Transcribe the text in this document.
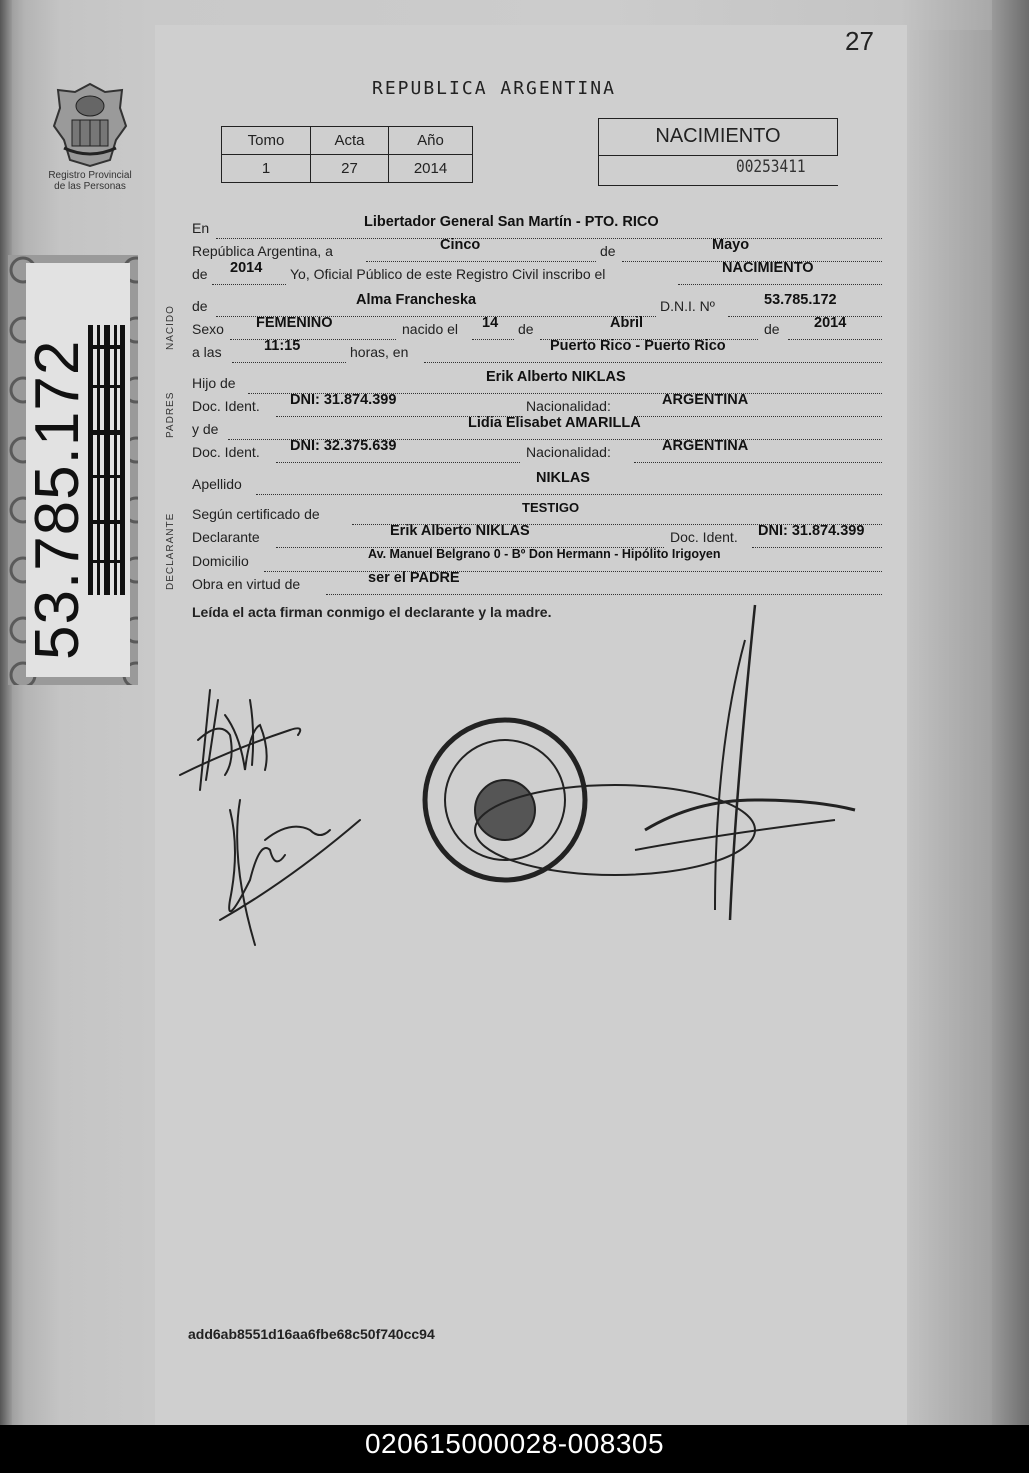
Registro Provincial
de las Personas
53.785.172
27
REPUBLICA ARGENTINA
Tomo	Acta	Año
1	27	2014
NACIMIENTO
00253411
NACIDO
PADRES
DECLARANTE
En	Libertador General San Martín - PTO. RICO
República Argentina, a	Cinco	de	Mayo
de 2014 Yo, Oficial Público de este Registro Civil inscribo el	NACIMIENTO
de	Alma Francheska	D.N.I. Nº	53.785.172
Sexo FEMENINO	nacido el 14 de	Abril	de 2014
a las	11:15	horas, en	Puerto Rico - Puerto Rico
Hijo de	Erik Alberto NIKLAS
Doc. Ident. DNI: 31.874.399	Nacionalidad:	ARGENTINA
y de	Lidia Elisabet AMARILLA
Doc. Ident. DNI: 32.375.639	Nacionalidad:	ARGENTINA
Apellido	NIKLAS
Según certificado de	TESTIGO
Declarante	Erik Alberto NIKLAS	Doc. Ident. DNI: 31.874.399
Domicilio	Av. Manuel Belgrano 0 - Bº Don Hermann - Hipólito Irigoyen
Obra en virtud de	ser el PADRE
Leída el acta firman conmigo el declarante y la madre.
add6ab8551d16aa6fbe68c50f740cc94
020615000028-008305
